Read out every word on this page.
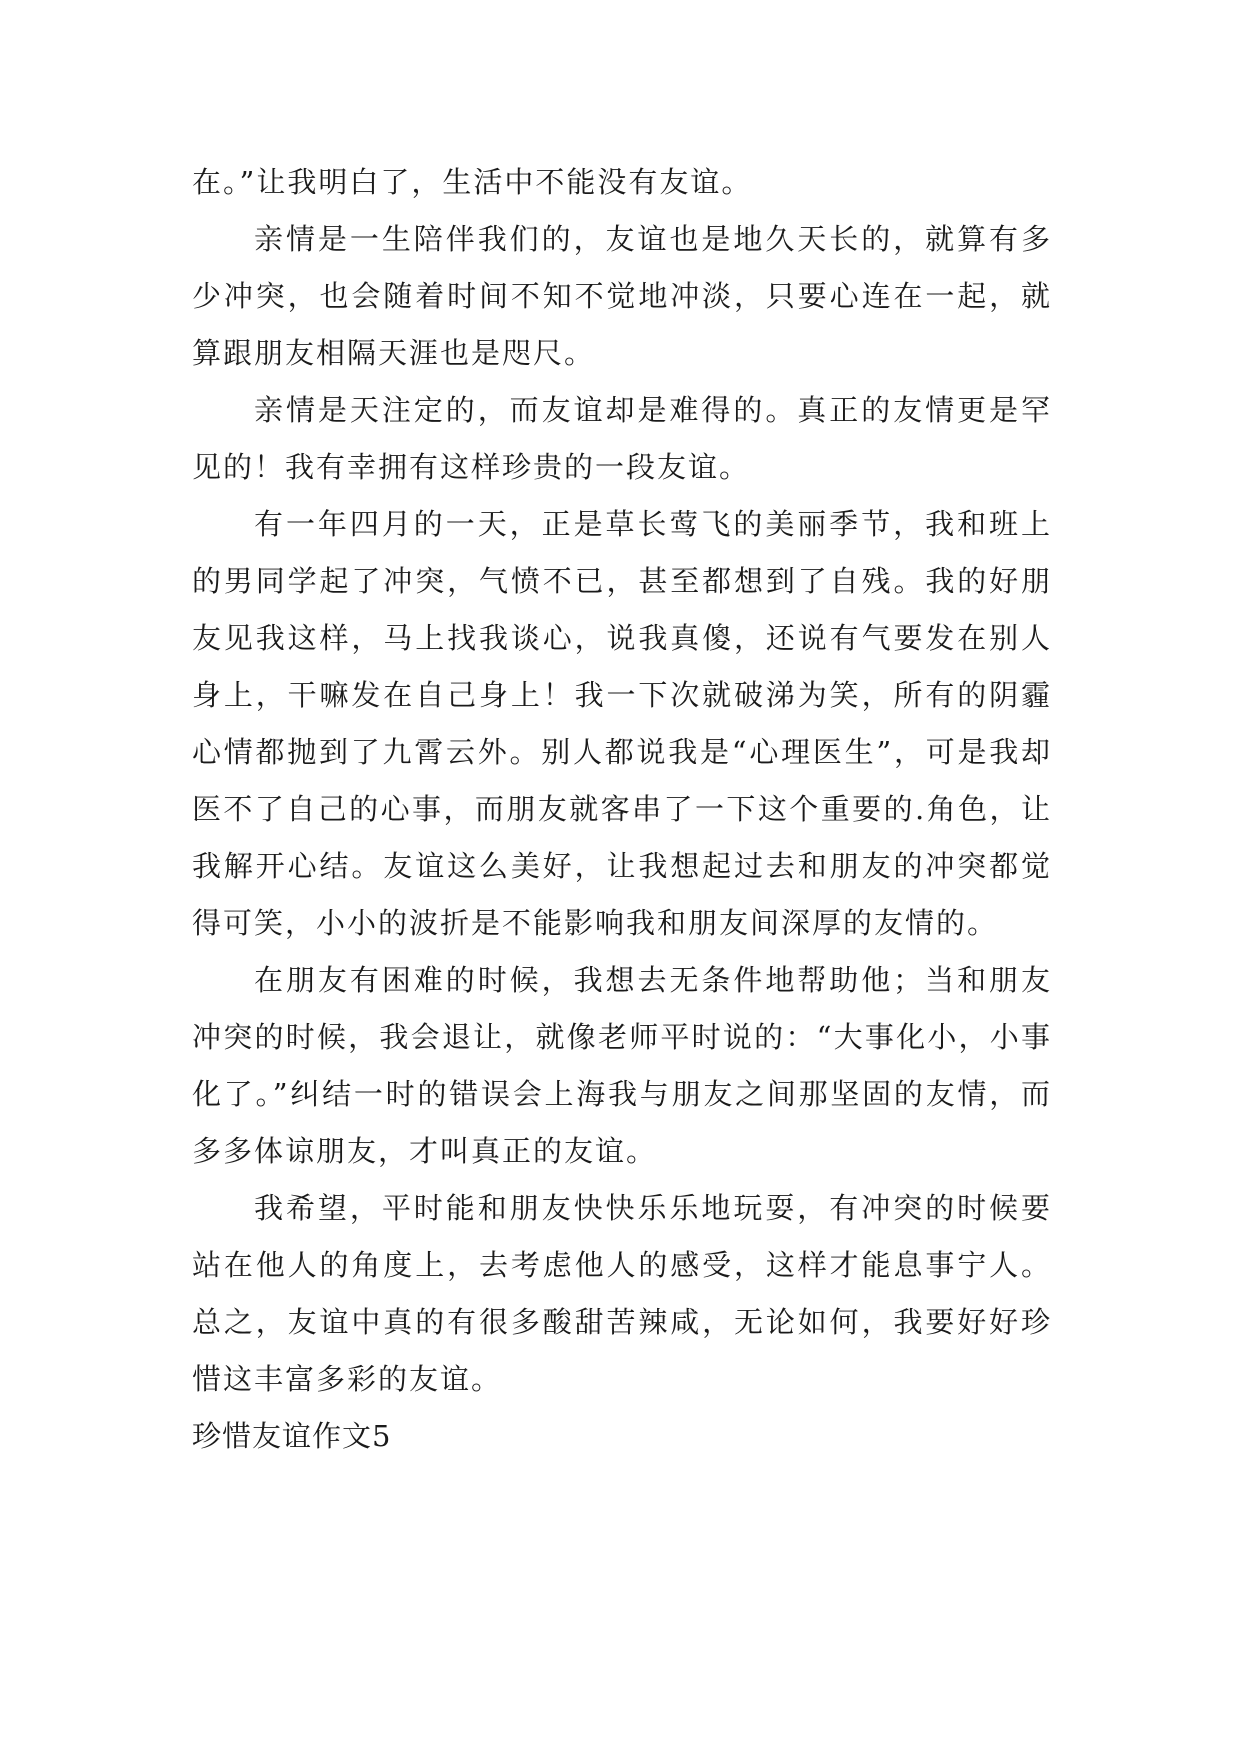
在。”让我明白了，生活中不能没有友谊。

亲情是一生陪伴我们的，友谊也是地久天长的，就算有多少冲突，也会随着时间不知不觉地冲淡，只要心连在一起，就算跟朋友相隔天涯也是咫尺。

亲情是天注定的，而友谊却是难得的。真正的友情更是罕见的！我有幸拥有这样珍贵的一段友谊。

有一年四月的一天，正是草长莺飞的美丽季节，我和班上的男同学起了冲突，气愤不已，甚至都想到了自残。我的好朋友见我这样，马上找我谈心，说我真傻，还说有气要发在别人身上，干嘛发在自己身上！我一下次就破涕为笑，所有的阴霾心情都抛到了九霄云外。别人都说我是“心理医生”，可是我却医不了自己的心事，而朋友就客串了一下这个重要的.角色，让我解开心结。友谊这么美好，让我想起过去和朋友的冲突都觉得可笑，小小的波折是不能影响我和朋友间深厚的友情的。

在朋友有困难的时候，我想去无条件地帮助他；当和朋友冲突的时候，我会退让，就像老师平时说的：“大事化小，小事化了。”纠结一时的错误会上海我与朋友之间那坚固的友情，而多多体谅朋友，才叫真正的友谊。

我希望，平时能和朋友快快乐乐地玩耍，有冲突的时候要站在他人的角度上，去考虑他人的感受，这样才能息事宁人。总之，友谊中真的有很多酸甜苦辣咸，无论如何，我要好好珍惜这丰富多彩的友谊。

珍惜友谊作文5
